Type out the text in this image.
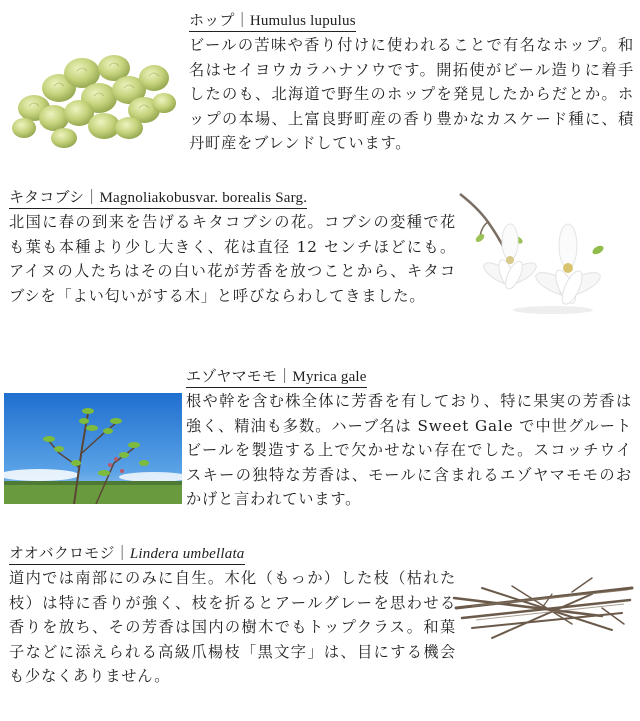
ホップ｜Humulus lupulus

ビールの苦味や香り付けに使われることで有名なホップ。和名はセイヨウカラハナソウです。開拓使がビール造りに着手したのも、北海道で野生のホップを発見したからだとか。ホップの本場、上富良野町産の香り豊かなカスケード種に、積丹町産をブレンドしています。

キタコブシ｜Magnoliakobusvar. borealis Sarg.

北国に春の到来を告げるキタコブシの花。コブシの変種で花も葉も本種より少し大きく、花は直径 12 センチほどにも。アイヌの人たちはその白い花が芳香を放つことから、キタコブシを「よい匂いがする木」と呼びならわしてきました。

エゾヤマモモ｜Myrica gale

根や幹を含む株全体に芳香を有しており、特に果実の芳香は強く、精油も多数。ハーブ名は Sweet Gale で中世グルートビールを製造する上で欠かせない存在でした。スコッチウイスキーの独特な芳香は、モールに含まれるエゾヤマモモのおかげと言われています。

オオバクロモジ｜Lindera umbellata

道内では南部にのみに自生。木化（もっか）した枝（枯れた枝）は特に香りが強く、枝を折るとアールグレーを思わせる香りを放ち、その芳香は国内の樹木でもトップクラス。和菓子などに添えられる高級爪楊枝「黒文字」は、目にする機会も少なくありません。
